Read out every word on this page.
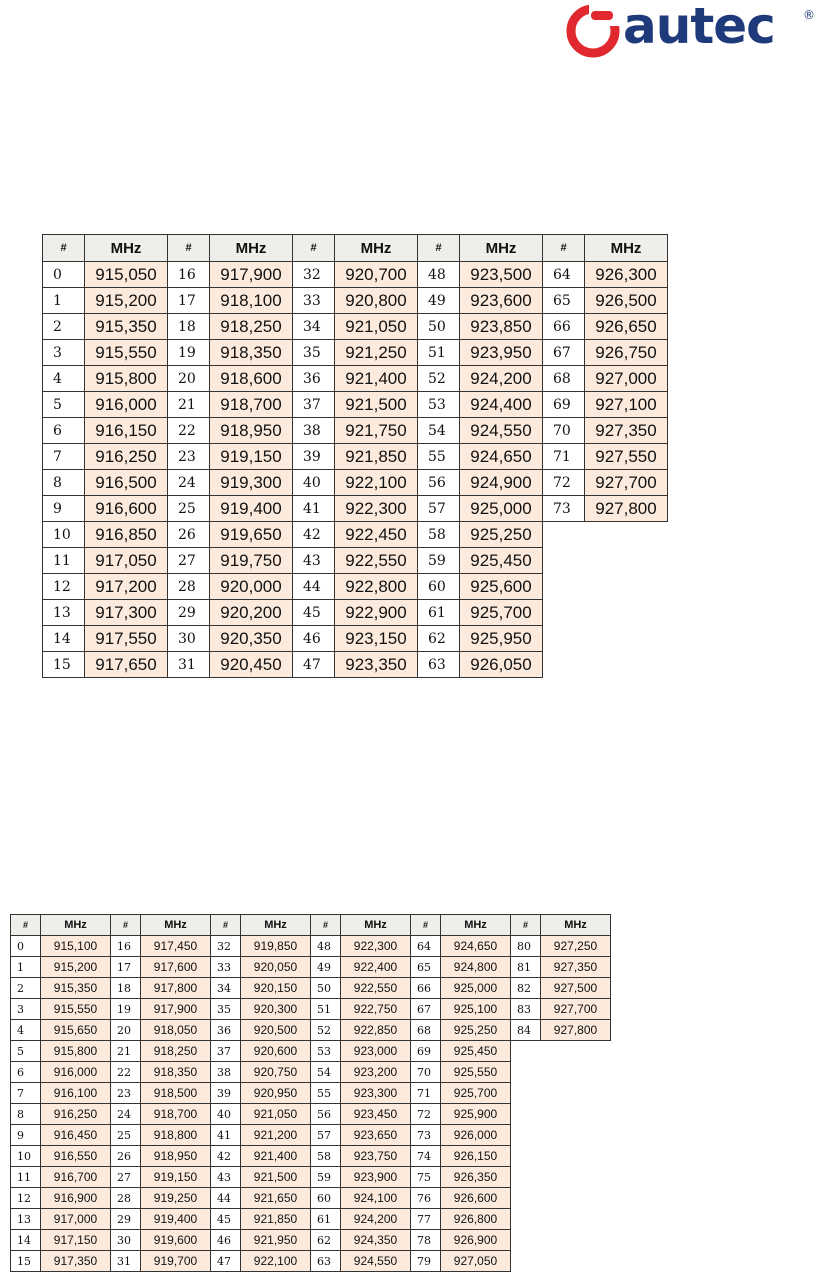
autec ®
#	MHz	#	MHz	#	MHz	#	MHz	#	MHz
0	915,050	16	917,900	32	920,700	48	923,500	64	926,300
1	915,200	17	918,100	33	920,800	49	923,600	65	926,500
2	915,350	18	918,250	34	921,050	50	923,850	66	926,650
3	915,550	19	918,350	35	921,250	51	923,950	67	926,750
4	915,800	20	918,600	36	921,400	52	924,200	68	927,000
5	916,000	21	918,700	37	921,500	53	924,400	69	927,100
6	916,150	22	918,950	38	921,750	54	924,550	70	927,350
7	916,250	23	919,150	39	921,850	55	924,650	71	927,550
8	916,500	24	919,300	40	922,100	56	924,900	72	927,700
9	916,600	25	919,400	41	922,300	57	925,000	73	927,800
10	916,850	26	919,650	42	922,450	58	925,250		
11	917,050	27	919,750	43	922,550	59	925,450		
12	917,200	28	920,000	44	922,800	60	925,600		
13	917,300	29	920,200	45	922,900	61	925,700		
14	917,550	30	920,350	46	923,150	62	925,950		
15	917,650	31	920,450	47	923,350	63	926,050		
#	MHz	#	MHz	#	MHz	#	MHz	#	MHz	#	MHz
0	915,100	16	917,450	32	919,850	48	922,300	64	924,650	80	927,250
1	915,200	17	917,600	33	920,050	49	922,400	65	924,800	81	927,350
2	915,350	18	917,800	34	920,150	50	922,550	66	925,000	82	927,500
3	915,550	19	917,900	35	920,300	51	922,750	67	925,100	83	927,700
4	915,650	20	918,050	36	920,500	52	922,850	68	925,250	84	927,800
5	915,800	21	918,250	37	920,600	53	923,000	69	925,450		
6	916,000	22	918,350	38	920,750	54	923,200	70	925,550		
7	916,100	23	918,500	39	920,950	55	923,300	71	925,700		
8	916,250	24	918,700	40	921,050	56	923,450	72	925,900		
9	916,450	25	918,800	41	921,200	57	923,650	73	926,000		
10	916,550	26	918,950	42	921,400	58	923,750	74	926,150		
11	916,700	27	919,150	43	921,500	59	923,900	75	926,350		
12	916,900	28	919,250	44	921,650	60	924,100	76	926,600		
13	917,000	29	919,400	45	921,850	61	924,200	77	926,800		
14	917,150	30	919,600	46	921,950	62	924,350	78	926,900		
15	917,350	31	919,700	47	922,100	63	924,550	79	927,050		
